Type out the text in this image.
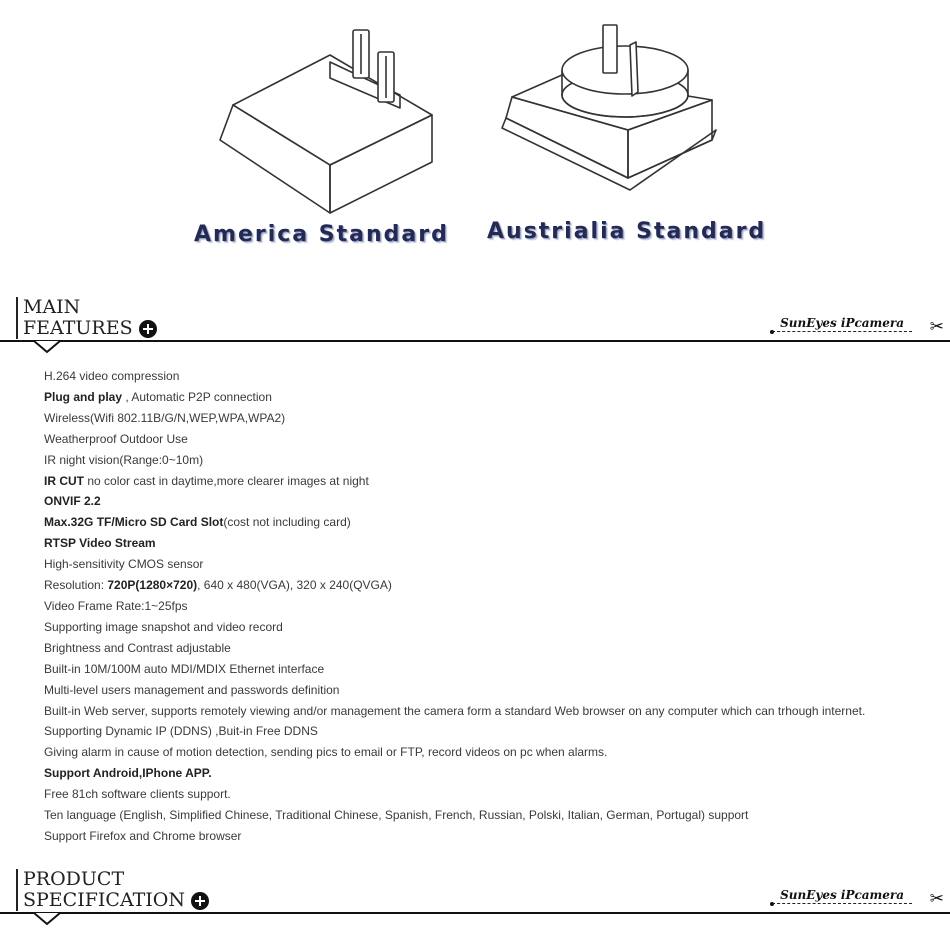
America Standard Austrialia Standard
MAIN
FEATURES	SunEyes iPcamera	✂
H.264 video compression
Plug and play , Automatic P2P connection
Wireless(Wifi 802.11B/G/N,WEP,WPA,WPA2)
Weatherproof Outdoor Use
IR night vision(Range:0~10m)
IR CUT no color cast in daytime,more clearer images at night
ONVIF 2.2
Max.32G TF/Micro SD Card Slot(cost not including card)
RTSP Video Stream
High-sensitivity CMOS sensor
Resolution: 720P(1280×720), 640 x 480(VGA), 320 x 240(QVGA)
Video Frame Rate:1~25fps
Supporting image snapshot and video record
Brightness and Contrast adjustable
Built-in 10M/100M auto MDI/MDIX Ethernet interface
Multi-level users management and passwords definition
Built-in Web server, supports remotely viewing and/or management the camera form a standard Web browser on any computer which can trhough internet.
Supporting Dynamic IP (DDNS) ,Buit-in Free DDNS
Giving alarm in cause of motion detection, sending pics to email or FTP, record videos on pc when alarms.
Support Android,IPhone APP.
Free 81ch software clients support.
Ten language (English, Simplified Chinese, Traditional Chinese, Spanish, French, Russian, Polski, Italian, German, Portugal) support
Support Firefox and Chrome browser
PRODUCT
SPECIFICATION	SunEyes iPcamera	✂
